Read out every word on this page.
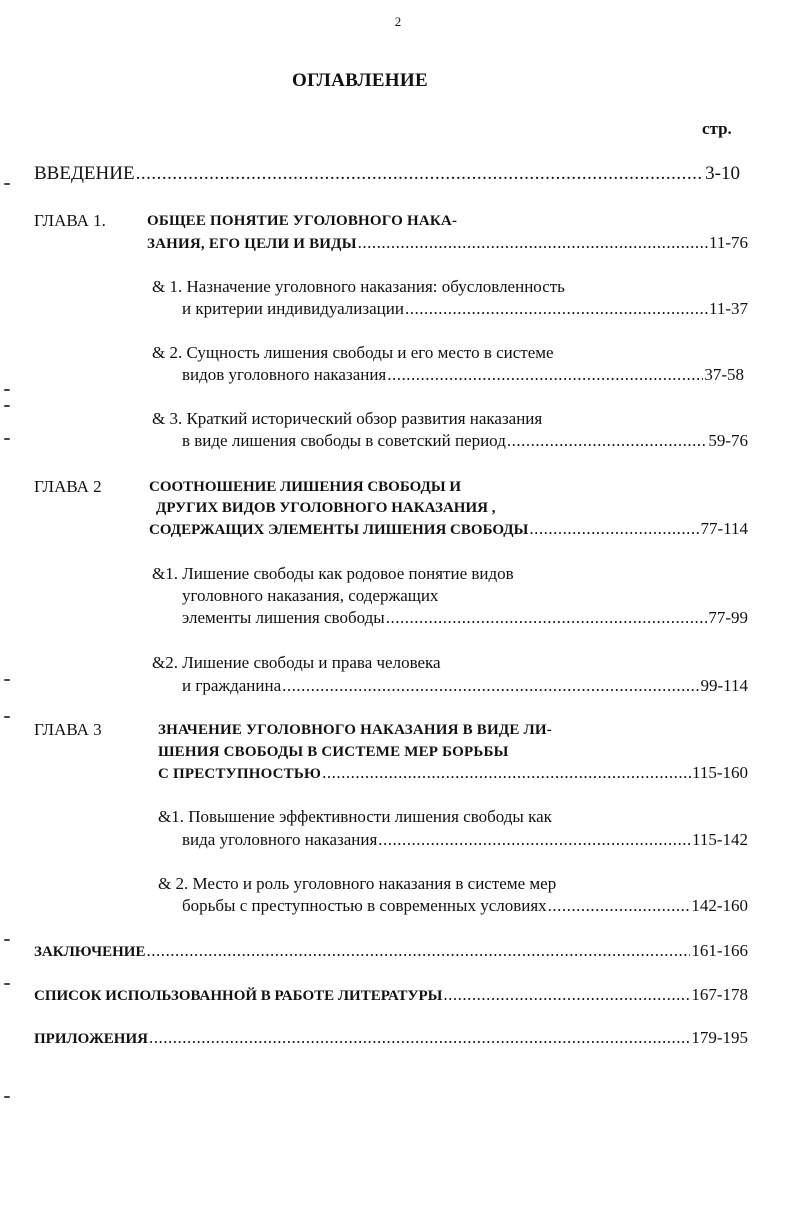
2
ОГЛАВЛЕНИЕ
стр.
ВВЕДЕНИЕ .....	3-10
ГЛАВА 1.	ОБЩЕЕ ПОНЯТИЕ УГОЛОВНОГО НАКА-
ЗАНИЯ, ЕГО ЦЕЛИ И ВИДЫ .....	11-76
& 1. Назначение уголовного наказания: обусловленность
и критерии индивидуализации .....	11-37
& 2. Сущность лишения свободы и его место в системе
видов уголовного наказания .....	37-58
& 3. Краткий исторический обзор развития наказания
в виде лишения свободы в советский период .....	59-76
ГЛАВА 2	СООТНОШЕНИЕ ЛИШЕНИЯ СВОБОДЫ И
ДРУГИХ ВИДОВ УГОЛОВНОГО НАКАЗАНИЯ ,
СОДЕРЖАЩИХ ЭЛЕМЕНТЫ ЛИШЕНИЯ СВОБОДЫ .....	77-114
&1. Лишение свободы как родовое понятие видов
уголовного наказания, содержащих
элементы лишения свободы .....	77-99
&2. Лишение свободы и права человека
и гражданина .....	99-114
ГЛАВА 3	ЗНАЧЕНИЕ УГОЛОВНОГО НАКАЗАНИЯ В ВИДЕ ЛИ-
ШЕНИЯ СВОБОДЫ В СИСТЕМЕ МЕР БОРЬБЫ
С ПРЕСТУПНОСТЬЮ .....	115-160
&1. Повышение эффективности лишения свободы как
вида уголовного наказания .....	115-142
& 2. Место и роль уголовного наказания в системе мер
борьбы с преступностью в современных условиях .....	142-160
ЗАКЛЮЧЕНИЕ .....	161-166
СПИСОК ИСПОЛЬЗОВАННОЙ В РАБОТЕ ЛИТЕРАТУРЫ .....	167-178
ПРИЛОЖЕНИЯ .....	179-195
